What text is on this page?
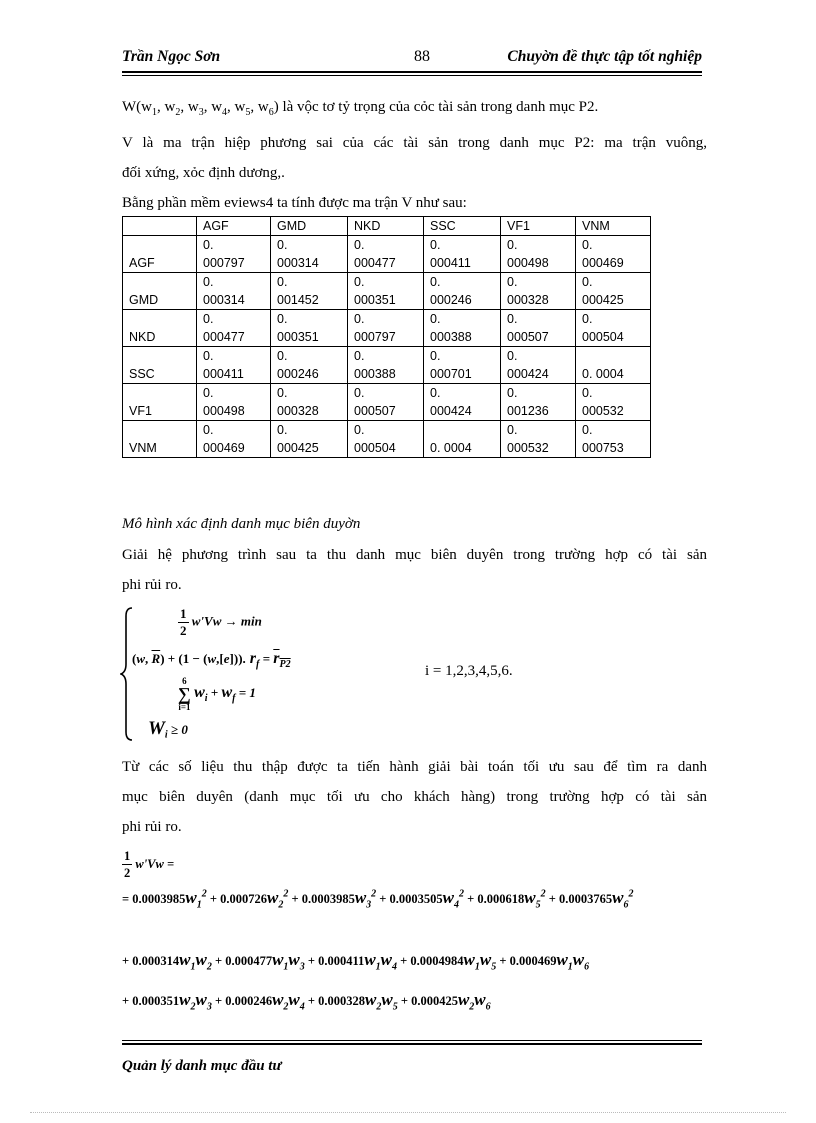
Trần Ngọc Sơn	88	Chuyờn đề thực tập tốt nghiệp
$W(w_1$, $w_2$, $w_3$, $w_4$, $w_5$, $w_6$) là vộc tơ tỷ trọng của cỏc tài sản trong danh mục P2.
V là ma trận hiệp phương sai của các tài sản trong danh mục P2: ma trận vuông,
đối xứng, xỏc định dương,.
Bằng phần mềm eviews4 ta tính được ma trận V như sau:
	AGF	GMD	NKD	SSC	VF1	VNM
AGF	0.
000797	0.
000314	0.
000477	0.
000411	0.
000498	0.
000469

GMD	0.
000314	0.
001452	0.
000351	0.
000246	0.
000328	0.
000425

NKD	0.
000477	0.
000351	0.
000797	0.
000388	0.
000507	0.
000504

SSC	0.
000411	0.
000246	0.
000388	0.
000701	0.
000424	0. 0004

VF1	0.
000498	0.
000328	0.
000507	0.
000424	0.
001236	0.
000532

VNM	0.
000469	0.
000425	0.
000504	0. 0004	0.
000532	0.
000753
Mô hình xác định danh mục biên duyờn
Giải hệ phương trình sau ta thu danh mục biên duyên trong trường hợp có tài sản
phi rủi ro.
$\frac{1}{2} w'Vw \to \min$
(w, $\overline{R}) + (1 - (w,[e]))$. $r_f = r_{P2}$
6
∑
i=1
$w_i + w_f = 1$
$W_i \ge 0$
i = 1,2,3,4,5,6.
Từ các số liệu thu thập được ta tiến hành giải bài toán tối ưu sau để tìm ra danh
mục biên duyên (danh mục tối ưu cho khách hàng) trong trường hợp có tài sản
phi rủi ro.
$\frac{1}{2} w'Vw$ =
= $0.0003985w_1^2 + 0.000726w_2^2 + 0.0003985w_3^2 + 0.0003505w_4^2 + 0.000618w_5^2 + 0.0003765w_6^2$
+ $0.000314w_1w_2 + 0.000477w_1w_3 + 0.000411w_1w_4 + 0.0004984w_1w_5 + 0.000469w_1w_6$
+ $0.000351w_2w_3 + 0.000246w_2w_4 + 0.000328w_2w_5 + 0.000425w_2w_6$
Quản lý danh mục đầu tư
